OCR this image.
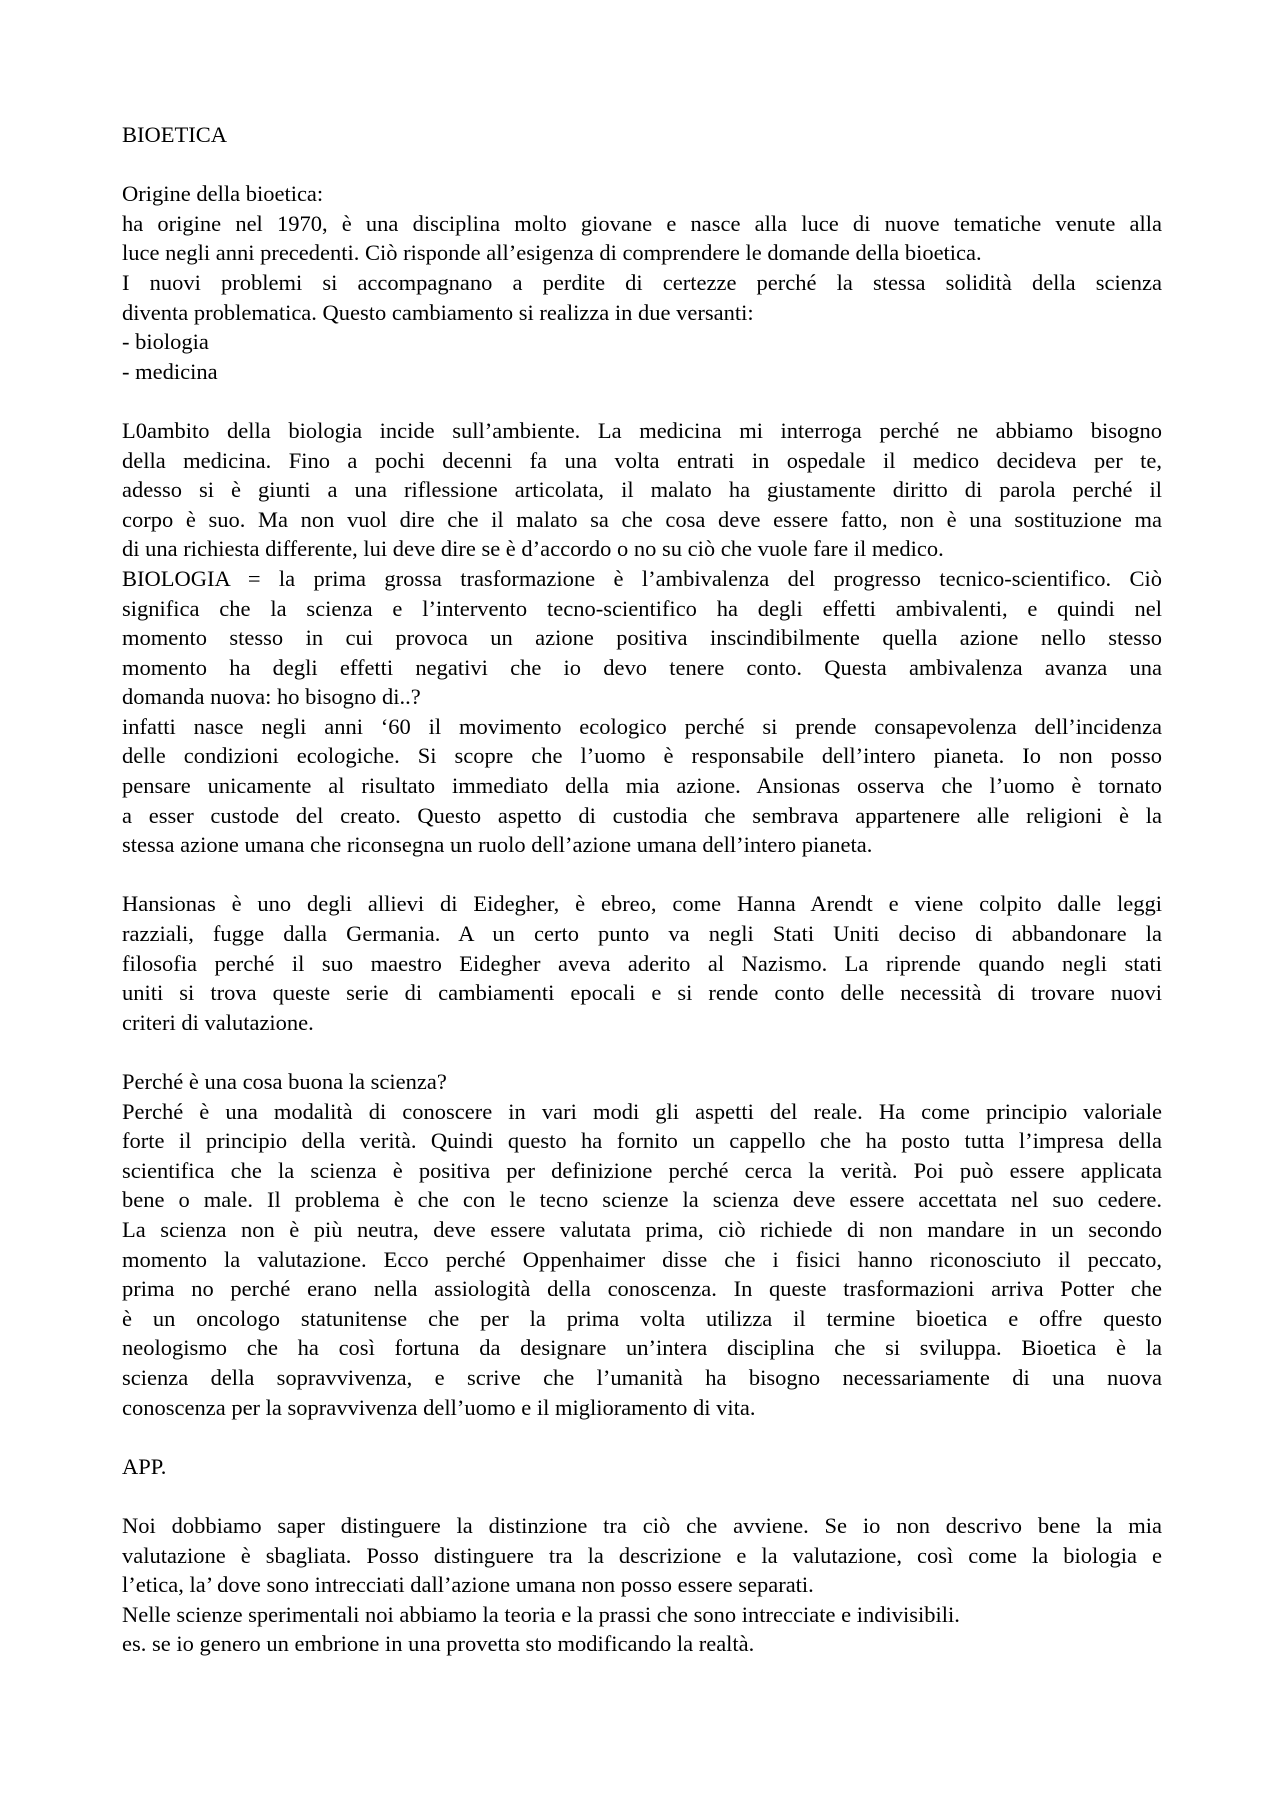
BIOETICA
Origine della bioetica:
ha origine nel 1970, è una disciplina molto giovane e nasce alla luce di nuove tematiche venute alla
luce negli anni precedenti. Ciò risponde all’esigenza di comprendere le domande della bioetica.
I nuovi problemi si accompagnano a perdite di certezze perché la stessa solidità della scienza
diventa problematica. Questo cambiamento si realizza in due versanti:
- biologia
- medicina
L0ambito della biologia incide sull’ambiente. La medicina mi interroga perché ne abbiamo bisogno
della medicina. Fino a pochi decenni fa una volta entrati in ospedale il medico decideva per te,
adesso si è giunti a una riflessione articolata, il malato ha giustamente diritto di parola perché il
corpo è suo. Ma non vuol dire che il malato sa che cosa deve essere fatto, non è una sostituzione ma
di una richiesta differente, lui deve dire se è d’accordo o no su ciò che vuole fare il medico.
BIOLOGIA = la prima grossa trasformazione è l’ambivalenza del progresso tecnico-scientifico. Ciò
significa che la scienza e l’intervento tecno-scientifico ha degli effetti ambivalenti, e quindi nel
momento stesso in cui provoca un azione positiva inscindibilmente quella azione nello stesso
momento ha degli effetti negativi che io devo tenere conto. Questa ambivalenza avanza una
domanda nuova: ho bisogno di..?
infatti nasce negli anni ‘60 il movimento ecologico perché si prende consapevolenza dell’incidenza
delle condizioni ecologiche. Si scopre che l’uomo è responsabile dell’intero pianeta. Io non posso
pensare unicamente al risultato immediato della mia azione. Ansionas osserva che l’uomo è tornato
a esser custode del creato. Questo aspetto di custodia che sembrava appartenere alle religioni è la
stessa azione umana che riconsegna un ruolo dell’azione umana dell’intero pianeta.
Hansionas è uno degli allievi di Eidegher, è ebreo, come Hanna Arendt e viene colpito dalle leggi
razziali, fugge dalla Germania. A un certo punto va negli Stati Uniti deciso di abbandonare la
filosofia perché il suo maestro Eidegher aveva aderito al Nazismo. La riprende quando negli stati
uniti si trova queste serie di cambiamenti epocali e si rende conto delle necessità di trovare nuovi
criteri di valutazione.
Perché è una cosa buona la scienza?
Perché è una modalità di conoscere in vari modi gli aspetti del reale. Ha come principio valoriale
forte il principio della verità. Quindi questo ha fornito un cappello che ha posto tutta l’impresa della
scientifica che la scienza è positiva per definizione perché cerca la verità. Poi può essere applicata
bene o male. Il problema è che con le tecno scienze la scienza deve essere accettata nel suo cedere.
La scienza non è più neutra, deve essere valutata prima, ciò richiede di non mandare in un secondo
momento la valutazione. Ecco perché Oppenhaimer disse che i fisici hanno riconosciuto il peccato,
prima no perché erano nella assiologità della conoscenza. In queste trasformazioni arriva Potter che
è un oncologo statunitense che per la prima volta utilizza il termine bioetica e offre questo
neologismo che ha così fortuna da designare un’intera disciplina che si sviluppa. Bioetica è la
scienza della sopravvivenza, e scrive che l’umanità ha bisogno necessariamente di una nuova
conoscenza per la sopravvivenza dell’uomo e il miglioramento di vita.
APP.
Noi dobbiamo saper distinguere la distinzione tra ciò che avviene. Se io non descrivo bene la mia
valutazione è sbagliata. Posso distinguere tra la descrizione e la valutazione, così come la biologia e
l’etica, la’ dove sono intrecciati dall’azione umana non posso essere separati.
Nelle scienze sperimentali noi abbiamo la teoria e la prassi che sono intrecciate e indivisibili.
es. se io genero un embrione in una provetta sto modificando la realtà.
